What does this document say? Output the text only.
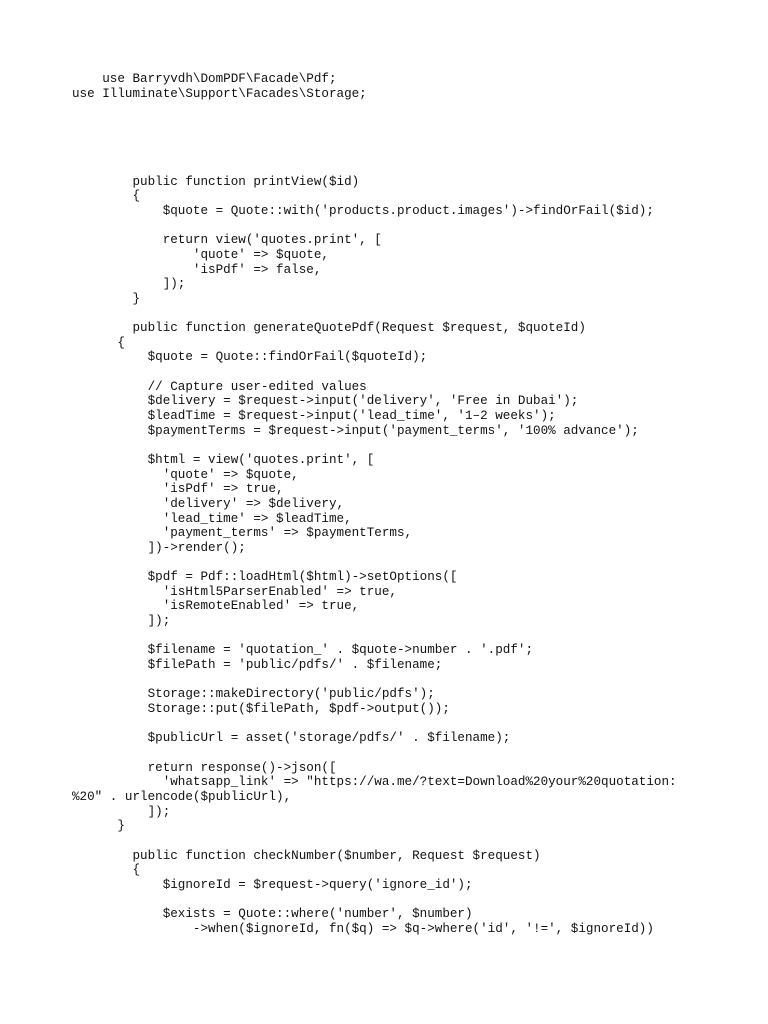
use Barryvdh\DomPDF\Facade\Pdf;
use Illuminate\Support\Facades\Storage;
public function printView($id)
{
$quote = Quote::with('products.product.images')->findOrFail($id);
return view('quotes.print', [
'quote' => $quote,
'isPdf' => false,
]);
}
public function generateQuotePdf(Request $request, $quoteId)
{
$quote = Quote::findOrFail($quoteId);
// Capture user-edited values
$delivery = $request->input('delivery', 'Free in Dubai');
$leadTime = $request->input('lead_time', '1–2 weeks');
$paymentTerms = $request->input('payment_terms', '100% advance');
$html = view('quotes.print', [
'quote' => $quote,
'isPdf' => true,
'delivery' => $delivery,
'lead_time' => $leadTime,
'payment_terms' => $paymentTerms,
])->render();
$pdf = Pdf::loadHtml($html)->setOptions([
'isHtml5ParserEnabled' => true,
'isRemoteEnabled' => true,
]);
$filename = 'quotation_' . $quote->number . '.pdf';
$filePath = 'public/pdfs/' . $filename;
Storage::makeDirectory('public/pdfs');
Storage::put($filePath, $pdf->output());
$publicUrl = asset('storage/pdfs/' . $filename);
return response()->json([
'whatsapp_link' => "https://wa.me/?text=Download%20your%20quotation:
%20" . urlencode($publicUrl),
]);
}
public function checkNumber($number, Request $request)
{
$ignoreId = $request->query('ignore_id');
$exists = Quote::where('number', $number)
->when($ignoreId, fn($q) => $q->where('id', '!=', $ignoreId))
